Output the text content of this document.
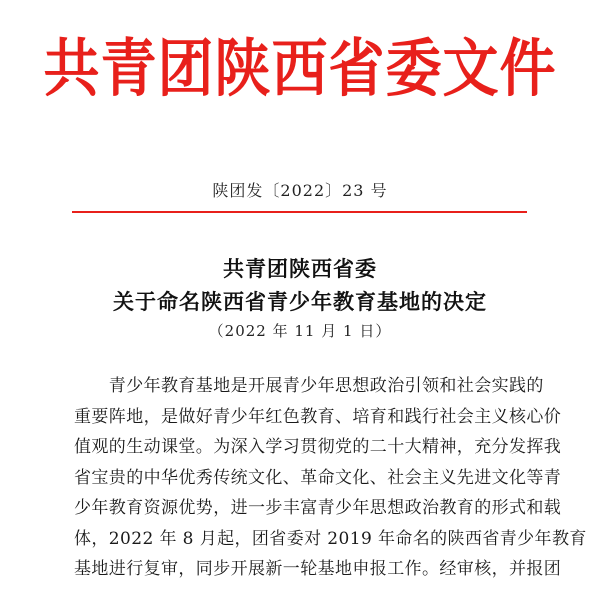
共青团陕西省委文件
陕团发〔2022〕23 号
共青团陕西省委
关于命名陕西省青少年教育基地的决定
（2022 年 11 月 1 日）
　　青少年教育基地是开展青少年思想政治引领和社会实践的
重要阵地，是做好青少年红色教育、培育和践行社会主义核心价
值观的生动课堂。为深入学习贯彻党的二十大精神，充分发挥我
省宝贵的中华优秀传统文化、革命文化、社会主义先进文化等青
少年教育资源优势，进一步丰富青少年思想政治教育的形式和载
体，2022 年 8 月起，团省委对 2019 年命名的陕西省青少年教育
基地进行复审，同步开展新一轮基地申报工作。经审核，并报团
